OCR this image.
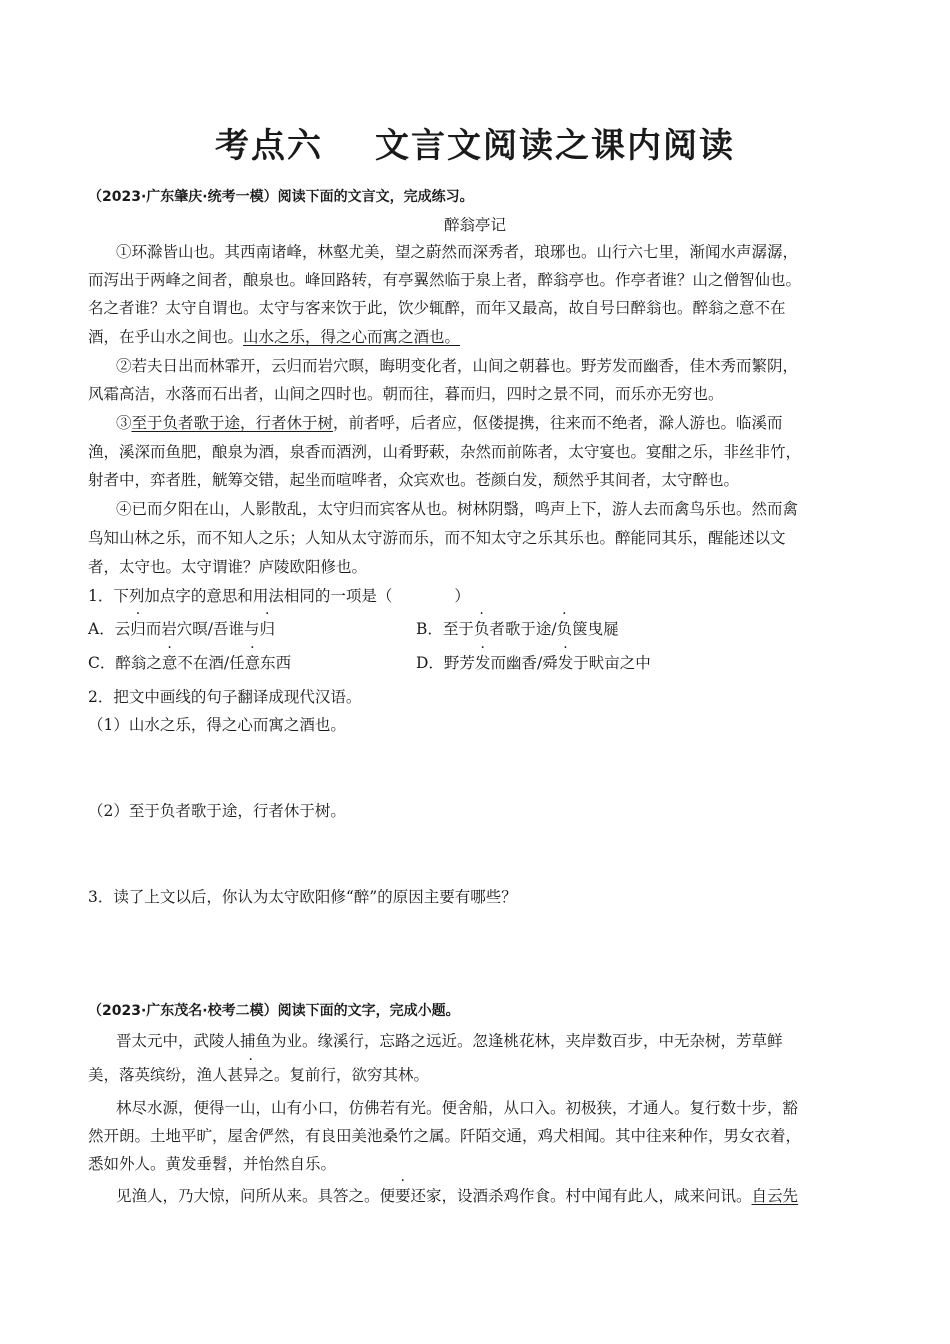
考点六 文言文阅读之课内阅读
（2023·广东肇庆·统考一模）阅读下面的文言文，完成练习。
醉翁亭记
①环滁皆山也。其西南诸峰，林壑尤美，望之蔚然而深秀者，琅琊也。山行六七里，渐闻水声潺潺，
而泻出于两峰之间者，酿泉也。峰回路转，有亭翼然临于泉上者，醉翁亭也。作亭者谁？山之僧智仙也。
名之者谁？太守自谓也。太守与客来饮于此，饮少辄醉，而年又最高，故自号曰醉翁也。醉翁之意不在
酒，在乎山水之间也。山水之乐，得之心而寓之酒也。
②若夫日出而林霏开，云归而岩穴暝，晦明变化者，山间之朝暮也。野芳发而幽香，佳木秀而繁阴，
风霜高洁，水落而石出者，山间之四时也。朝而往，暮而归，四时之景不同，而乐亦无穷也。
③至于负者歌于途，行者休于树，前者呼，后者应，伛偻提携，往来而不绝者，滁人游也。临溪而
渔，溪深而鱼肥，酿泉为酒，泉香而酒洌，山肴野蔌，杂然而前陈者，太守宴也。宴酣之乐，非丝非竹，
射者中，弈者胜，觥筹交错，起坐而喧哗者，众宾欢也。苍颜白发，颓然乎其间者，太守醉也。
④已而夕阳在山，人影散乱，太守归而宾客从也。树林阴翳，鸣声上下，游人去而禽鸟乐也。然而禽
鸟知山林之乐，而不知人之乐；人知从太守游而乐，而不知太守之乐其乐也。醉能同其乐，醒能述以文
者，太守也。太守谓谁？庐陵欧阳修也。
1．下列加点字的意思和用法相同的一项是（　　　　）
A．云归而岩穴暝/吾谁与归	B．至于负者歌于途/负箧曳屣
C．醉翁之意不在酒/任意东西	D．野芳发而幽香/舜发于畎亩之中
2．把文中画线的句子翻译成现代汉语。
（1）山水之乐，得之心而寓之酒也。
（2）至于负者歌于途，行者休于树。
3．读了上文以后，你认为太守欧阳修“醉”的原因主要有哪些？
（2023·广东茂名·校考二模）阅读下面的文字，完成小题。
晋太元中，武陵人捕鱼为业。缘溪行，忘路之远近。忽逢桃花林，夹岸数百步，中无杂树，芳草鲜
美，落英缤纷，渔人甚异之。复前行，欲穷其林。
林尽水源，便得一山，山有小口，仿佛若有光。便舍船，从口入。初极狭，才通人。复行数十步，豁
然开朗。土地平旷，屋舍俨然，有良田美池桑竹之属。阡陌交通，鸡犬相闻。其中往来种作，男女衣着，
悉如外人。黄发垂髫，并怡然自乐。
见渔人，乃大惊，问所从来。具答之。便要还家，设酒杀鸡作食。村中闻有此人，咸来问讯。自云先
